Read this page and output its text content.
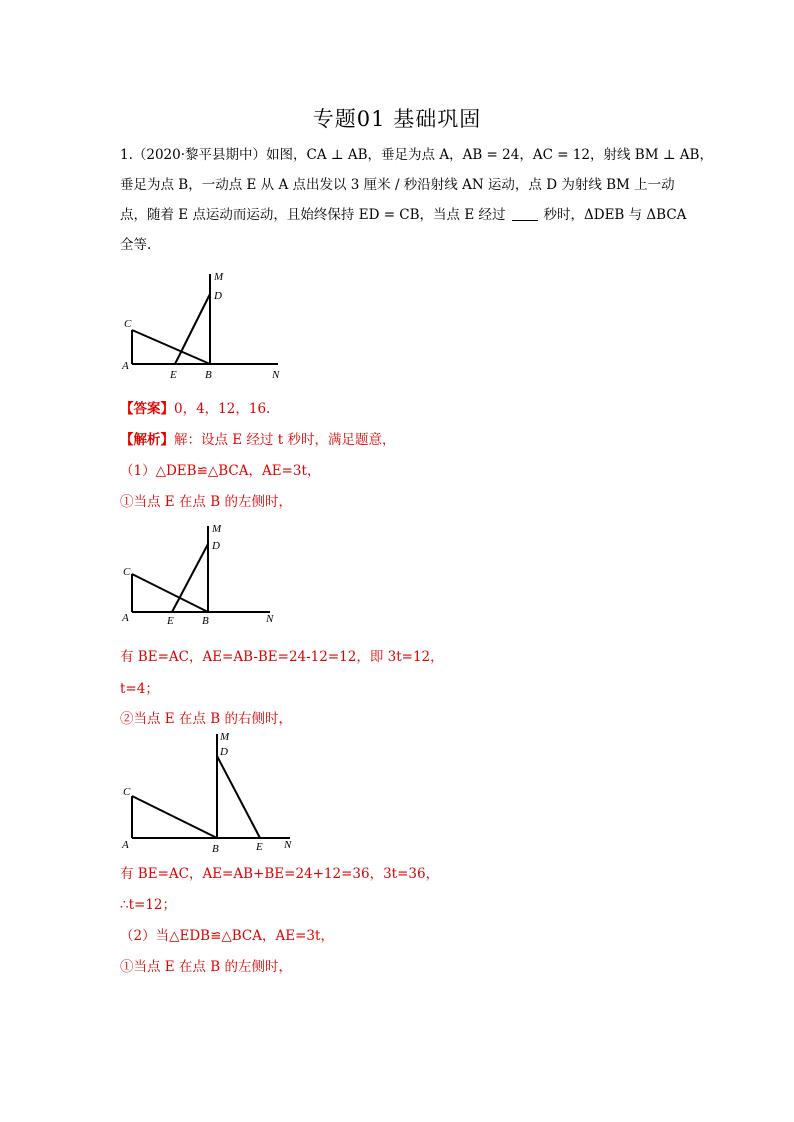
专题01 基础巩固
1.（2020·黎平县期中）如图，CA ⊥ AB，垂足为点 A，AB = 24，AC = 12，射线 BM ⊥ AB，
垂足为点 B，一动点 E 从 A 点出发以 3 厘米 / 秒沿射线 AN 运动，点 D 为射线 BM 上一动
点，随着 E 点运动而运动，且始终保持 ED = CB，当点 E 经过	秒时，ΔDEB 与 ΔBCA
全等.
M
D
C
A
E	B	N
【答案】0，4，12，16.
【解析】解：设点 E 经过 t 秒时，满足题意，
（1）△DEB≌△BCA，AE=3t，
①当点 E 在点 B 的左侧时，
M
D
C
A	E	B	N
有 BE=AC，AE=AB-BE=24-12=12，即 3t=12，
t=4；
②当点 E 在点 B 的右侧时，
M
D
C
A	B	E N
有 BE=AC，AE=AB+BE=24+12=36，3t=36，
∴t=12；
（2）当△EDB≌△BCA，AE=3t，
①当点 E 在点 B 的左侧时，
